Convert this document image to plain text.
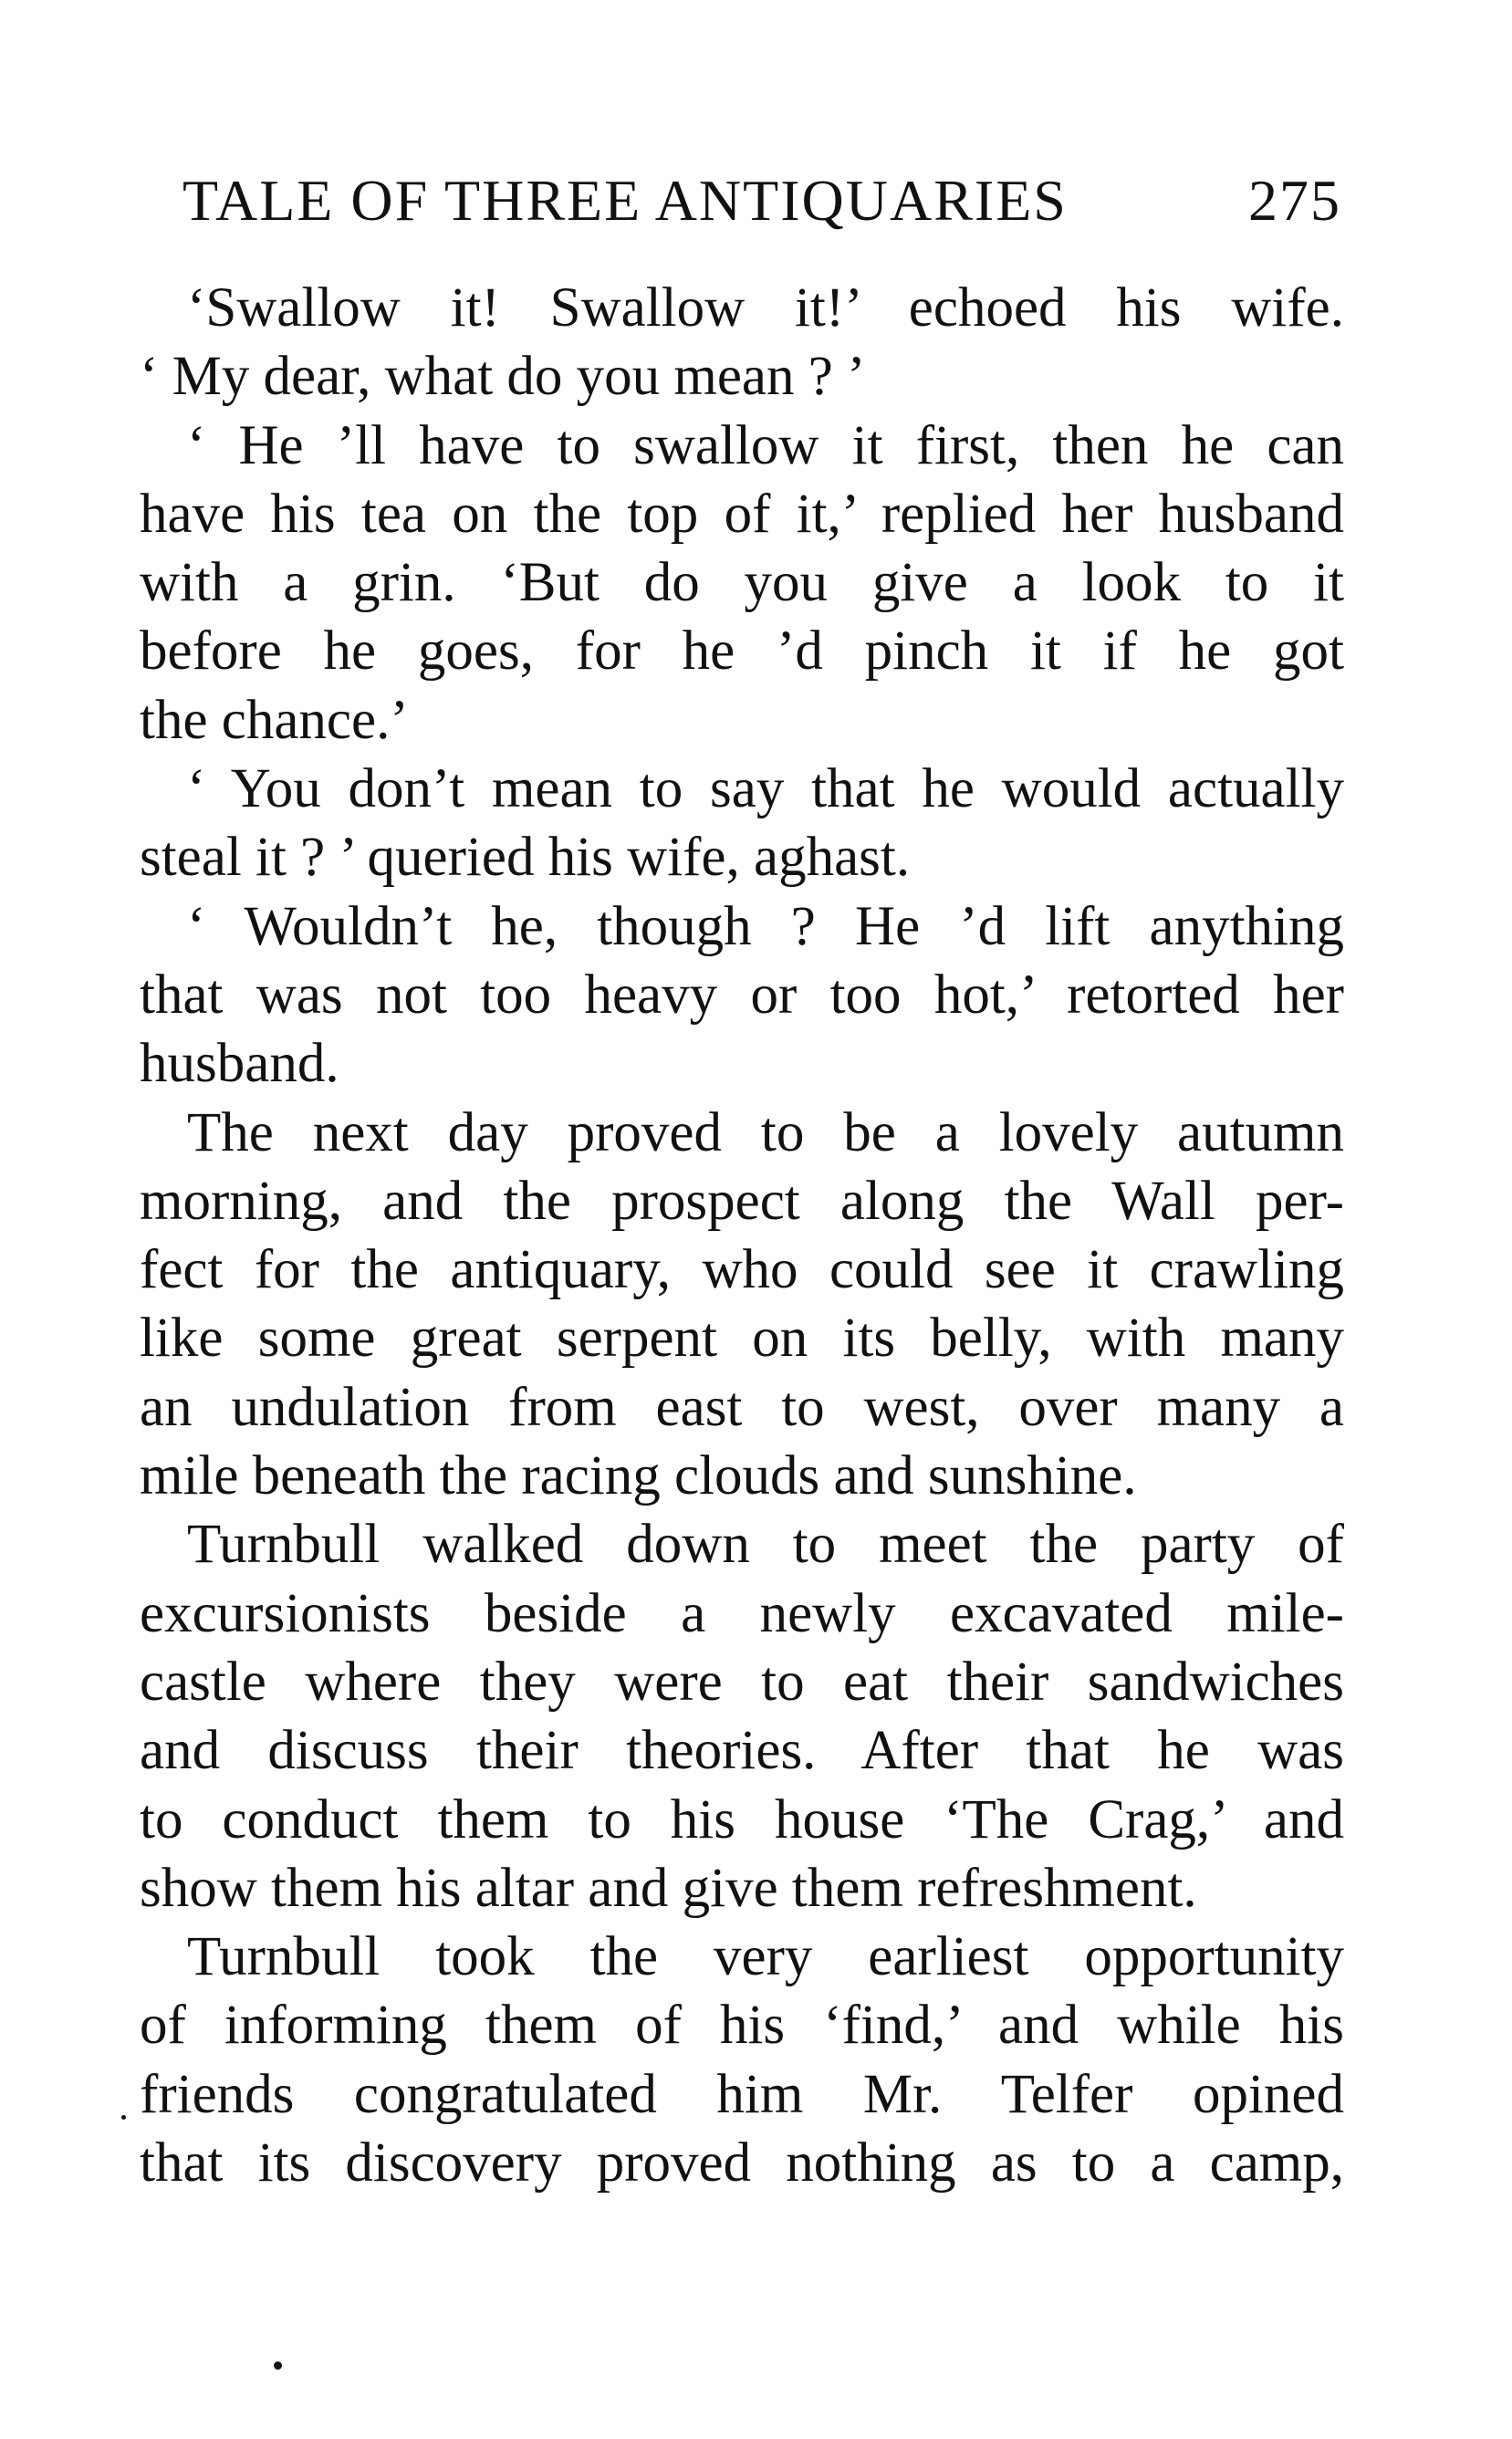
TALE OF THREE ANTIQUARIES	275
‘Swallow it! Swallow it!’ echoed his wife.
‘ My dear, what do you mean ? ’
‘ He ’ll have to swallow it first, then he can
have his tea on the top of it,’ replied her husband
with a grin. ‘But do you give a look to it
before he goes, for he ’d pinch it if he got
the chance.’
‘ You don’t mean to say that he would actually
steal it ? ’ queried his wife, aghast.
‘ Wouldn’t he, though ? He ’d lift anything
that was not too heavy or too hot,’ retorted her
husband.
The next day proved to be a lovely autumn
morning, and the prospect along the Wall per-
fect for the antiquary, who could see it crawling
like some great serpent on its belly, with many
an undulation from east to west, over many a
mile beneath the racing clouds and sunshine.
Turnbull walked down to meet the party of
excursionists beside a newly excavated mile-
castle where they were to eat their sandwiches
and discuss their theories. After that he was
to conduct them to his house ‘The Crag,’ and
show them his altar and give them refreshment.
Turnbull took the very earliest opportunity
of informing them of his ‘find,’ and while his
friends congratulated him Mr. Telfer opined
that its discovery proved nothing as to a camp,
